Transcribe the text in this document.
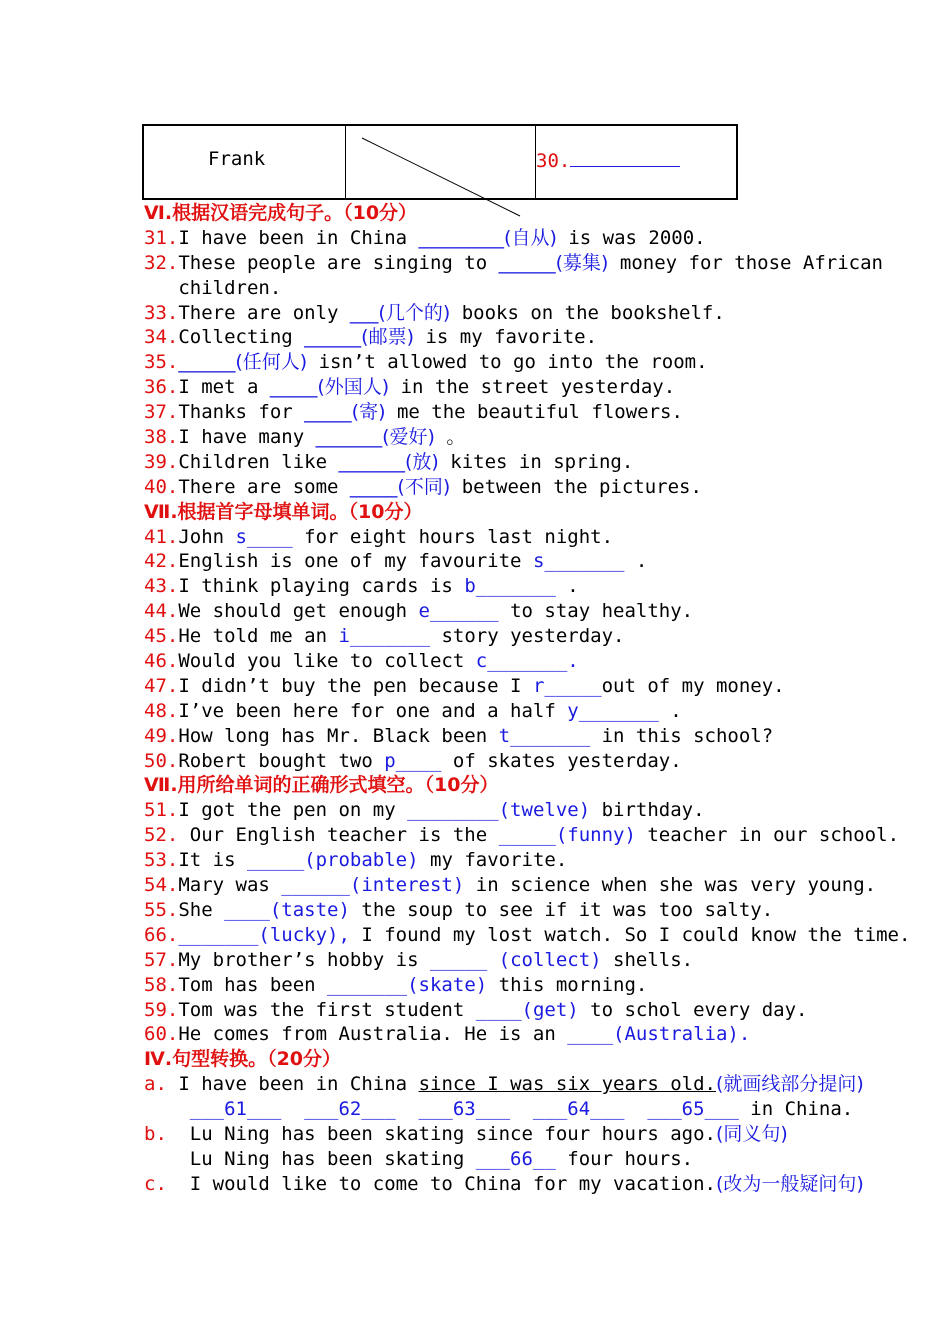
Frank	30.
Ⅵ.根据汉语完成句子。（10分）
31.I have been in China _________(自从) is was 2000.
32.These people are singing to ______(募集) money for those African
children.
33.There are only ___(几个的) books on the bookshelf.
34.Collecting ______(邮票) is my favorite.
35.______(任何人) isn’t allowed to go into the room.
36.I met a _____(外国人) in the street yesterday.
37.Thanks for _____(寄) me the beautiful flowers.
38.I have many _______(爱好) 。
39.Children like _______(放) kites in spring.
40.There are some _____(不同) between the pictures.
Ⅶ.根据首字母填单词。（10分）
41.John s____ for eight hours last night.
42.English is one of my favourite s_______ .
43.I think playing cards is b_______ .
44.We should get enough e______ to stay healthy.
45.He told me an i_______ story yesterday.
46.Would you like to collect c_______.
47.I didn’t buy the pen because I r_____out of my money.
48.I’ve been here for one and a half y_______ .
49.How long has Mr. Black been t_______ in this school?
50.Robert bought two p____ of skates yesterday.
Ⅶ.用所给单词的正确形式填空。（10分）
51.I got the pen on my ________(twelve) birthday.
52. Our English teacher is the _____(funny) teacher in our school.
53.It is _____(probable) my favorite.
54.Mary was ______(interest) in science when she was very young.
55.She ____(taste) the soup to see if it was too salty.
66._______(lucky), I found my lost watch. So I could know the time.
57.My brother’s hobby is _____ (collect) shells.
58.Tom has been _______(skate) this morning.
59.Tom was the first student ____(get) to schol every day.
60.He comes from Australia. He is an ____(Australia).
Ⅳ.句型转换。（20分）
a. I have been in China since I was six years old.(就画线部分提问)
___61___  ___62___  ___63___  ___64___  ___65___ in China.
b.  Lu Ning has been skating since four hours ago.(同义句)
Lu Ning has been skating ___66__ four hours.
c.  I would like to come to China for my vacation.(改为一般疑问句)
